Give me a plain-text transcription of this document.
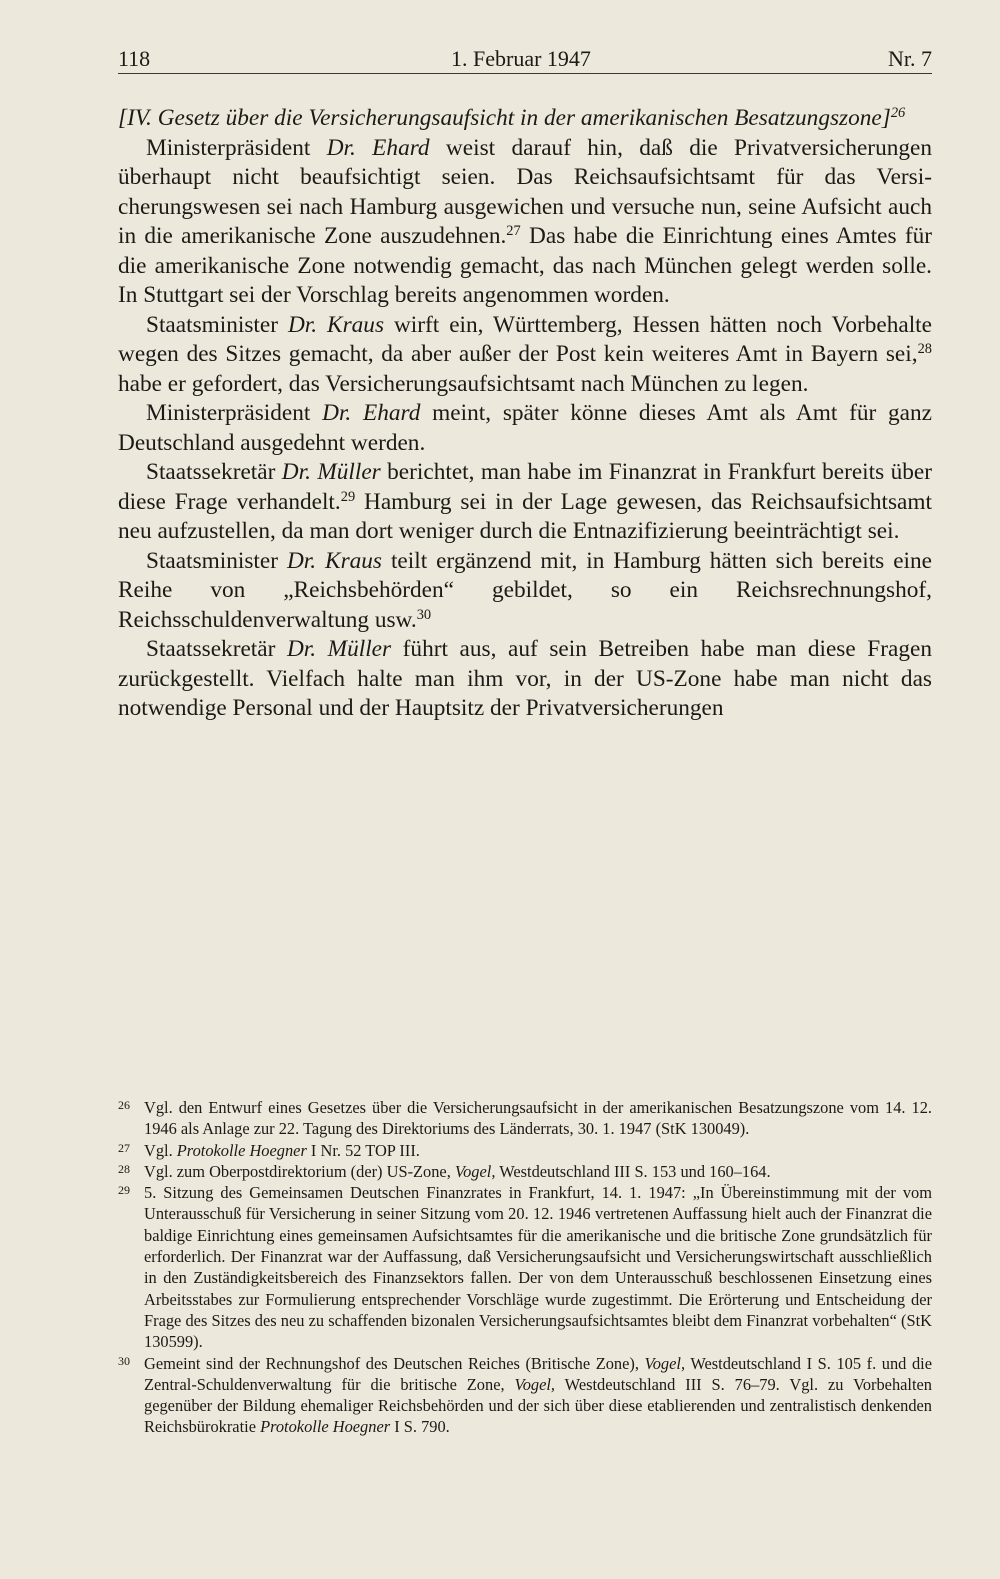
118	1. Februar 1947	Nr. 7

[IV. Gesetz über die Versicherungsaufsicht in der amerikanischen Besatzungszone]$^{26}$

Ministerpräsident Dr. Ehard weist darauf hin, daß die Privatversicherungen überhaupt nicht beaufsichtigt seien. Das Reichsaufsichtsamt für das Versicherungswesen sei nach Hamburg ausgewichen und versuche nun, seine Aufsicht auch in die amerikanische Zone auszudehnen.$^{27}$ Das habe die Einrichtung eines Amtes für die amerikanische Zone notwendig gemacht, das nach München gelegt werden solle. In Stuttgart sei der Vorschlag bereits angenommen worden.

Staatsminister Dr. Kraus wirft ein, Württemberg, Hessen hätten noch Vorbehalte wegen des Sitzes gemacht, da aber außer der Post kein weiteres Amt in Bayern sei,$^{28}$ habe er gefordert, das Versicherungsaufsichtsamt nach München zu legen.

Ministerpräsident Dr. Ehard meint, später könne dieses Amt als Amt für ganz Deutschland ausgedehnt werden.

Staatssekretär Dr. Müller berichtet, man habe im Finanzrat in Frankfurt bereits über diese Frage verhandelt.$^{29}$ Hamburg sei in der Lage gewesen, das Reichsaufsichtsamt neu aufzustellen, da man dort weniger durch die Entnazifizierung beeinträchtigt sei.

Staatsminister Dr. Kraus teilt ergänzend mit, in Hamburg hätten sich bereits eine Reihe von „Reichsbehörden“ gebildet, so ein Reichsrechnungshof, Reichsschuldenverwaltung usw.$^{30}$

Staatssekretär Dr. Müller führt aus, auf sein Betreiben habe man diese Fragen zurückgestellt. Vielfach halte man ihm vor, in der US-Zone habe man nicht das notwendige Personal und der Hauptsitz der Privatversicherungen

26 Vgl. den Entwurf eines Gesetzes über die Versicherungsaufsicht in der amerikanischen Besatzungszone vom 14. 12. 1946 als Anlage zur 22. Tagung des Direktoriums des Länderrats, 30. 1. 1947 (StK 130049).
27 Vgl. Protokolle Hoegner I Nr. 52 TOP III.
28 Vgl. zum Oberpostdirektorium (der) US-Zone, Vogel, Westdeutschland III S. 153 und 160–164.
29 5. Sitzung des Gemeinsamen Deutschen Finanzrates in Frankfurt, 14. 1. 1947: „In Übereinstimmung mit der vom Unterausschuß für Versicherung in seiner Sitzung vom 20. 12. 1946 vertretenen Auffassung hielt auch der Finanzrat die baldige Einrichtung eines gemeinsamen Aufsichtsamtes für die amerikanische und die britische Zone grundsätzlich für erforderlich. Der Finanzrat war der Auffassung, daß Versicherungsaufsicht und Versicherungswirtschaft ausschließlich in den Zuständigkeitsbereich des Finanzsektors fallen. Der von dem Unterausschuß beschlossenen Einsetzung eines Arbeitsstabes zur Formulierung entsprechender Vorschläge wurde zugestimmt. Die Erörterung und Entscheidung der Frage des Sitzes des neu zu schaffenden bizonalen Versicherungsaufsichtsamtes bleibt dem Finanzrat vorbehalten“ (StK 130599).
30 Gemeint sind der Rechnungshof des Deutschen Reiches (Britische Zone), Vogel, Westdeutschland I S. 105 f. und die Zentral-Schuldenverwaltung für die britische Zone, Vogel, Westdeutschland III S. 76–79. Vgl. zu Vorbehalten gegenüber der Bildung ehemaliger Reichsbehörden und der sich über diese etablierenden und zentralistisch denkenden Reichsbürokratie Protokolle Hoegner I S. 790.
